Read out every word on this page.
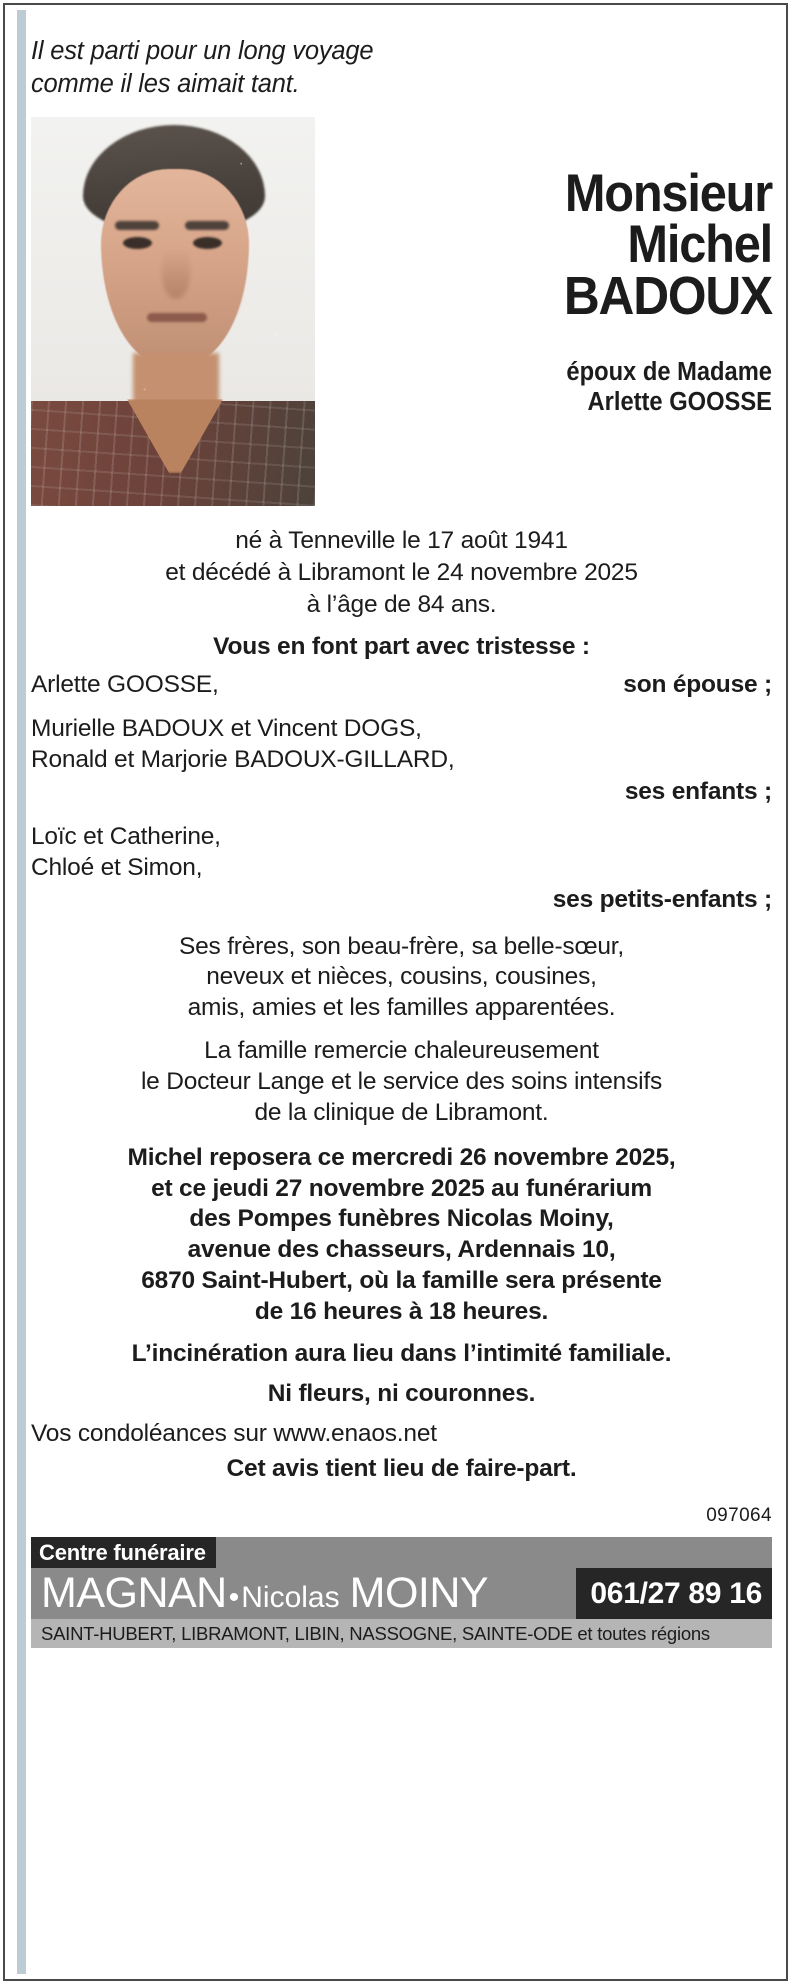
Il est parti pour un long voyage
comme il les aimait tant.
Monsieur
Michel
BADOUX
époux de Madame
Arlette GOOSSE
né à Tenneville le 17 août 1941
et décédé à Libramont le 24 novembre 2025
à l’âge de 84 ans.
Vous en font part avec tristesse :
Arlette GOOSSE,	son épouse ;
Murielle BADOUX et Vincent DOGS,
Ronald et Marjorie BADOUX-GILLARD,
ses enfants ;
Loïc et Catherine,
Chloé et Simon,
ses petits-enfants ;
Ses frères, son beau-frère, sa belle-sœur,
neveux et nièces, cousins, cousines,
amis, amies et les familles apparentées.
La famille remercie chaleureusement
le Docteur Lange et le service des soins intensifs
de la clinique de Libramont.
Michel reposera ce mercredi 26 novembre 2025,
et ce jeudi 27 novembre 2025 au funérarium
des Pompes funèbres Nicolas Moiny,
avenue des chasseurs, Ardennais 10,
6870 Saint-Hubert, où la famille sera présente
de 16 heures à 18 heures.
L’incinération aura lieu dans l’intimité familiale.
Ni fleurs, ni couronnes.
Vos condoléances sur www.enaos.net
Cet avis tient lieu de faire-part.
097064
Centre funéraire
MAGNAN • Nicolas MOINY	061/27 89 16
SAINT-HUBERT, LIBRAMONT, LIBIN, NASSOGNE, SAINTE-ODE et toutes régions
